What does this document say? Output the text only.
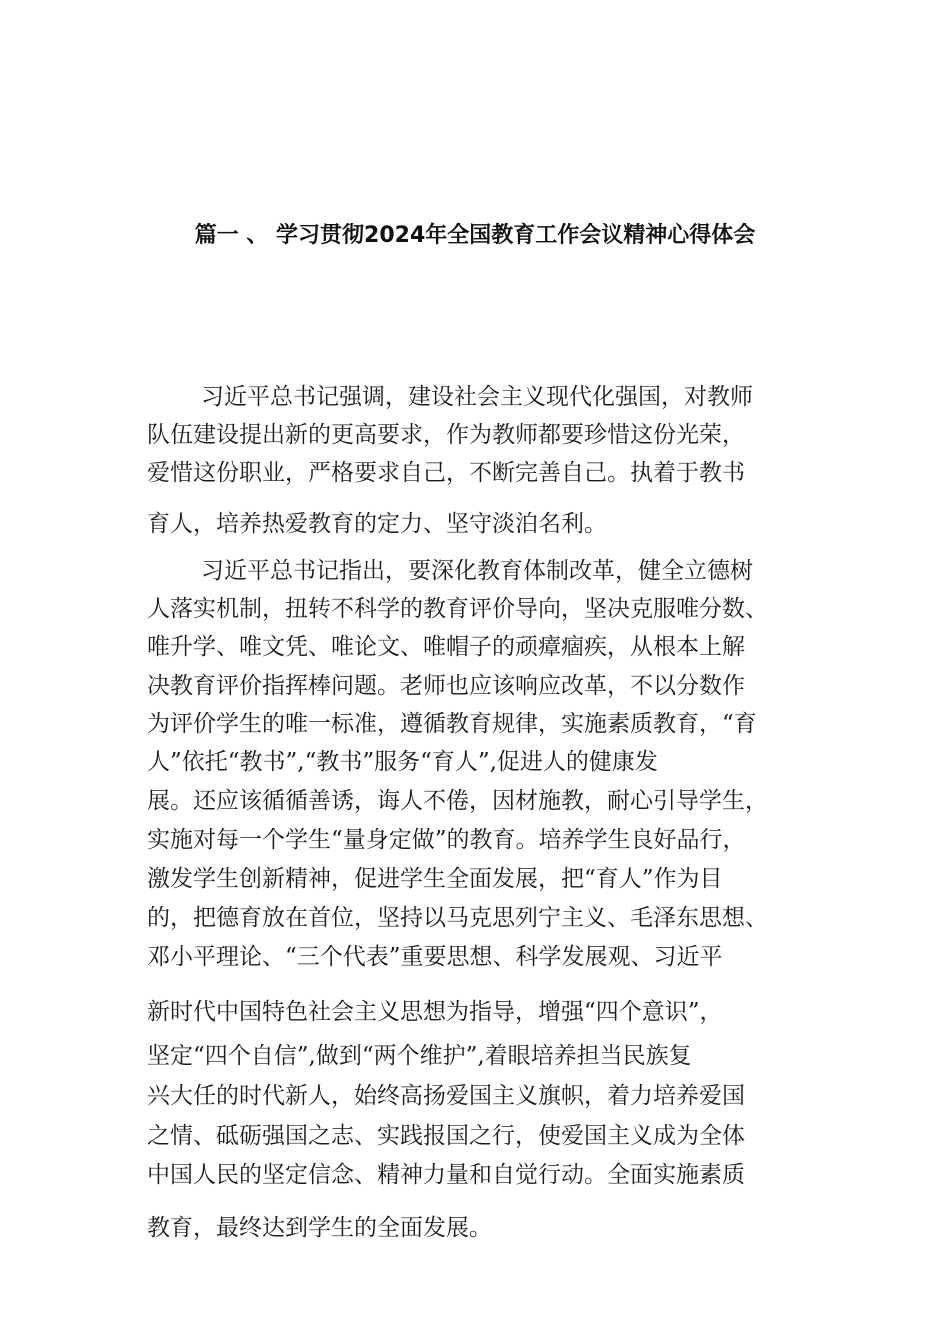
篇一 、 学习贯彻2024年全国教育工作会议精神心得体会
习近平总书记强调，建设社会主义现代化强国，对教师
队伍建设提出新的更高要求，作为教师都要珍惜这份光荣，
爱惜这份职业，严格要求自己，不断完善自己。执着于教书
育人，培养热爱教育的定力、坚守淡泊名利。
习近平总书记指出，要深化教育体制改革，健全立德树
人落实机制，扭转不科学的教育评价导向，坚决克服唯分数、
唯升学、唯文凭、唯论文、唯帽子的顽瘴痼疾，从根本上解
决教育评价指挥棒问题。老师也应该响应改革，不以分数作
为评价学生的唯一标准，遵循教育规律，实施素质教育，“育
人”依托“教书”,“教书”服务“育人”,促进人的健康发
展。还应该循循善诱，诲人不倦，因材施教，耐心引导学生，
实施对每一个学生“量身定做”的教育。培养学生良好品行，
激发学生创新精神，促进学生全面发展，把“育人”作为目
的，把德育放在首位，坚持以马克思列宁主义、毛泽东思想、
邓小平理论、“三个代表”重要思想、科学发展观、习近平
新时代中国特色社会主义思想为指导，增强“四个意识”，
坚定“四个自信”,做到“两个维护”,着眼培养担当民族复
兴大任的时代新人，始终高扬爱国主义旗帜，着力培养爱国
之情、砥砺强国之志、实践报国之行，使爱国主义成为全体
中国人民的坚定信念、精神力量和自觉行动。全面实施素质
教育，最终达到学生的全面发展。
